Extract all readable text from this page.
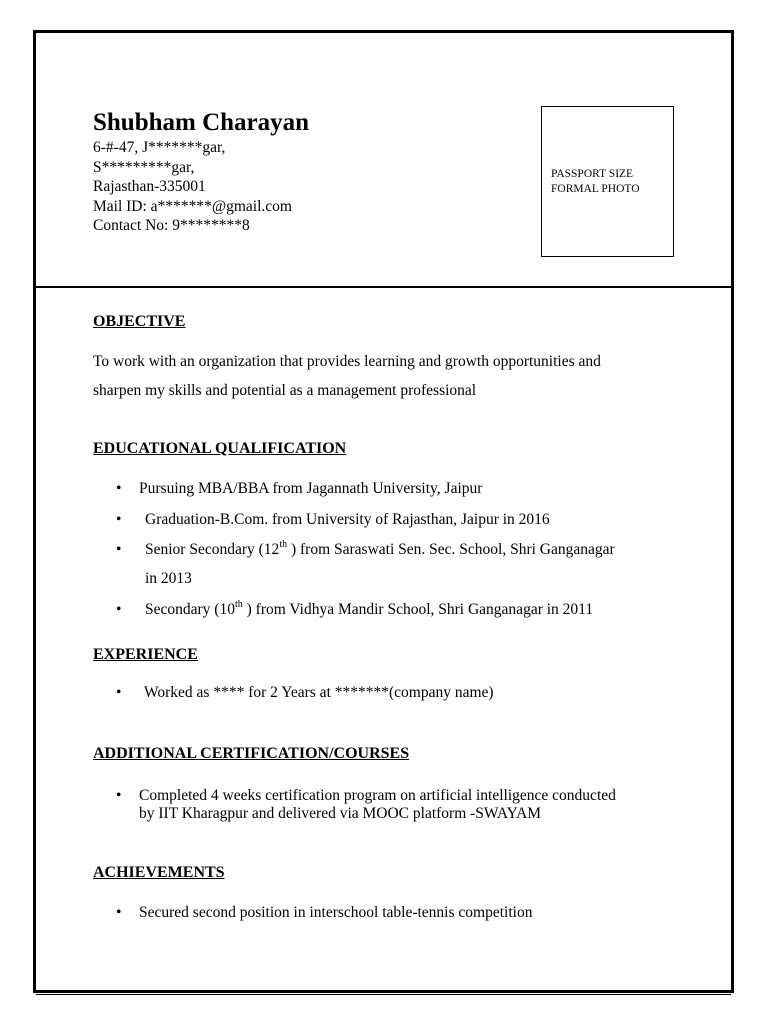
Shubham Charayan
6-#-47, J*******gar,
S*********gar,
Rajasthan-335001
Mail ID: a*******@gmail.com
Contact No: 9********8
PASSPORT SIZE
FORMAL PHOTO
OBJECTIVE
To work with an organization that provides learning and growth opportunities and
sharpen my skills and potential as a management professional
EDUCATIONAL QUALIFICATION
• Pursuing MBA/BBA from Jagannath University, Jaipur
• Graduation-B.Com. from University of Rajasthan, Jaipur in 2016
• Senior Secondary (12th ) from Saraswati Sen. Sec. School, Shri Ganganagar
in 2013
• Secondary (10th ) from Vidhya Mandir School, Shri Ganganagar in 2011
EXPERIENCE
• Worked as **** for 2 Years at *******(company name)
ADDITIONAL CERTIFICATION/COURSES
• Completed 4 weeks certification program on artificial intelligence conducted
by IIT Kharagpur and delivered via MOOC platform -SWAYAM
ACHIEVEMENTS
• Secured second position in interschool table-tennis competition
